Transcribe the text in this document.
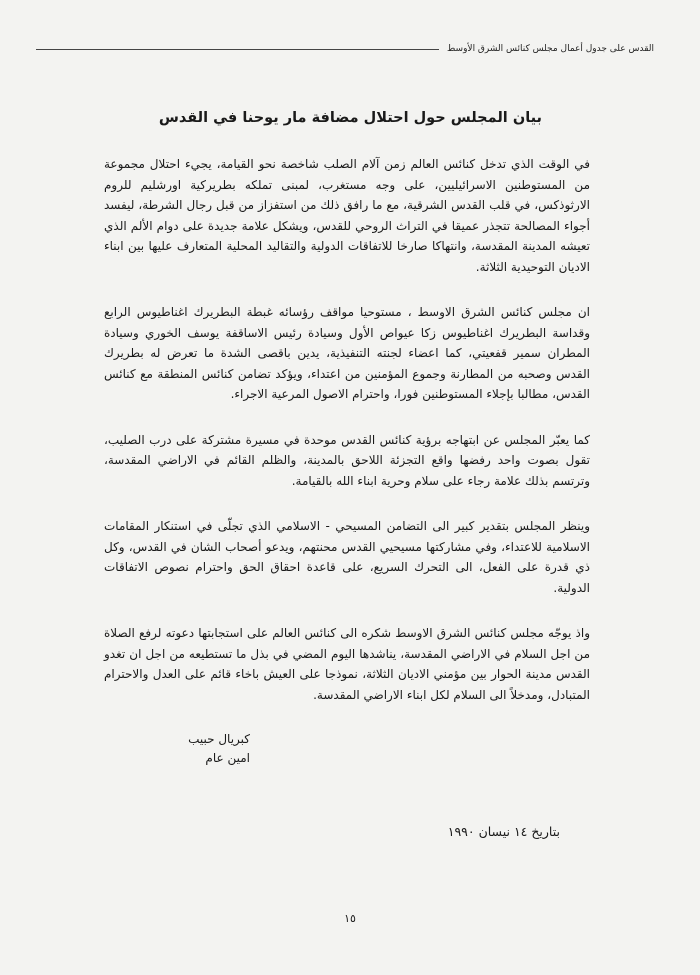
القدس على جدول أعمال مجلس كنائس الشرق الأوسط
بيان المجلس حول احتلال مضافة مار يوحنا في القدس

في الوقت الذي تدخل كنائس العالم زمن آلام الصلب شاخصة نحو القيامة، يجيء احتلال مجموعة من المستوطنين الاسرائيليين، على وجه مستغرب، لمبنى تملكه بطريركية اورشليم للروم الارثوذكس، في قلب القدس الشرقية، مع ما رافق ذلك من استفزاز من قبل رجال الشرطة، ليفسد أجواء المصالحة تتجذر عميقا في التراث الروحي للقدس، ويشكل علامة جديدة على دوام الألم الذي تعيشه المدينة المقدسة، وانتهاكا صارخا للاتفاقات الدولية والتقاليد المحلية المتعارف عليها بين ابناء الاديان التوحيدية الثلاثة.

ان مجلس كنائس الشرق الاوسط ، مستوحيا مواقف رؤسائه غبطة البطريرك اغناطيوس الرابع وقداسة البطريرك اغناطيوس زكا عيواص الأول وسيادة رئيس الاساقفة يوسف الخوري وسيادة المطران سمير قفعيتي، كما اعضاء لجنته التنفيذية، يدين باقصى الشدة ما تعرض له بطريرك القدس وصحبه من المطارنة وجموع المؤمنين من اعتداء، ويؤكد تضامن كنائس المنطقة مع كنائس القدس، مطالبا بإجلاء المستوطنين فورا، واحترام الاصول المرعية الاجراء.

كما يعبّر المجلس عن ابتهاجه برؤية كنائس القدس موحدة في مسيرة مشتركة على درب الصليب، تقول بصوت واحد رفضها واقع التجزئة اللاحق بالمدينة، والظلم القائم في الاراضي المقدسة، وترتسم بذلك علامة رجاء على سلام وحرية ابناء الله بالقيامة.

وينظر المجلس بتقدير كبير الى التضامن المسيحي - الاسلامي الذي تجلّى في استنكار المقامات الاسلامية للاعتداء، وفي مشاركتها مسيحيي القدس محنتهم، ويدعو أصحاب الشان في القدس، وكل ذي قدرة على الفعل، الى التحرك السريع، على قاعدة احقاق الحق واحترام نصوص الاتفاقات الدولية.

واذ يوجّه مجلس كنائس الشرق الاوسط شكره الى كنائس العالم على استجابتها دعوته لرفع الصلاة من اجل السلام في الاراضي المقدسة، يناشدها اليوم المضي في بذل ما تستطيعه من اجل ان تغدو القدس مدينة الحوار بين مؤمني الاديان الثلاثة، نموذجا على العيش باخاء قائم على العدل والاحترام المتبادل، ومدخلاً الى السلام لكل ابناء الاراضي المقدسة.

كبريال حبيب
امين عام
بتاريخ ١٤ نيسان ١٩٩٠
١٥
